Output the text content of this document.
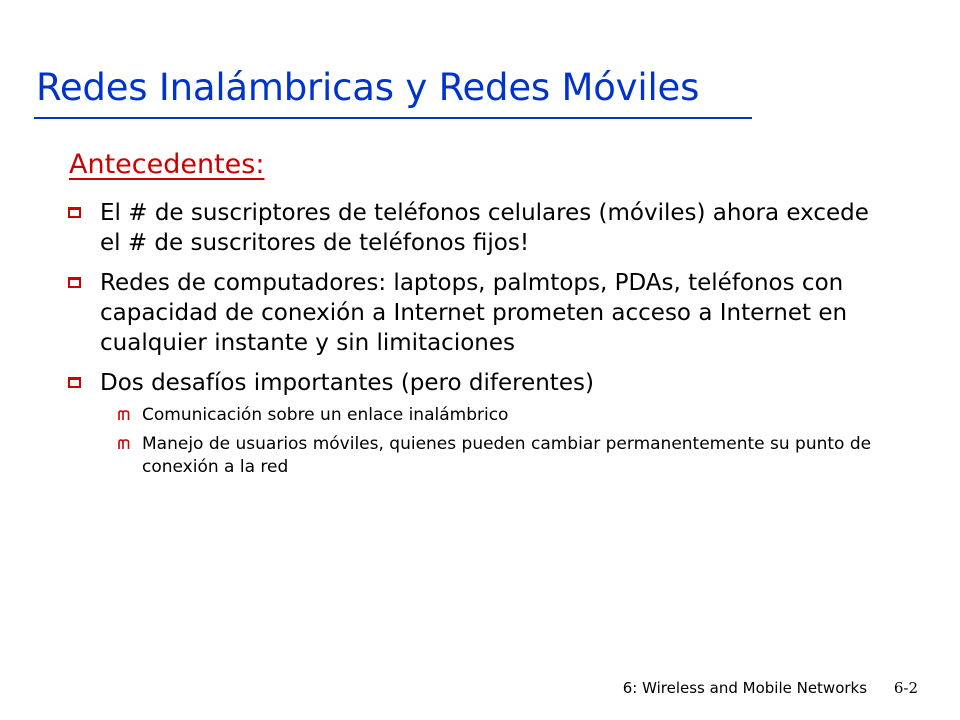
Redes Inalámbricas y Redes Móviles
Antecedentes:
El # de suscriptores de teléfonos celulares (móviles) ahora excede el # de suscritores de teléfonos fijos!
Redes de computadores: laptops, palmtops, PDAs, teléfonos con capacidad de conexión a Internet prometen acceso a Internet en cualquier instante y sin limitaciones
Dos desafíos importantes (pero diferentes)
Comunicación sobre un enlace inalámbrico
Manejo de usuarios móviles, quienes pueden cambiar permanentemente su punto de conexión a la red
6: Wireless and Mobile Networks 6-2
